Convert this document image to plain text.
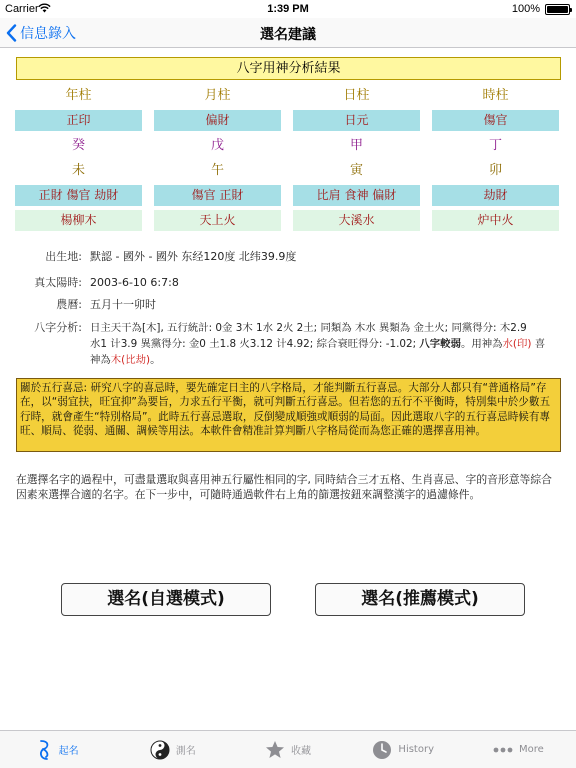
Carrier	1:39 PM	100%
信息錄入	選名建議
八字用神分析結果
年柱	月柱	日柱	時柱
正印	偏財	日元	傷官
癸	戊	甲	丁
未	午	寅	卯
正財 傷官 劫財	傷官 正財	比肩 食神 偏財	劫財
楊柳木	天上火	大溪水	炉中火
出生地: 默認 - 國外 - 國外 东经120度 北纬39.9度
真太陽時: 2003-6-10 6:7:8
農曆: 五月十一卯时
八字分析: 日主天干為[木], 五行統計: 0金 3木 1水 2火 2土; 同類為 木水 異類為 金土火; 同黨得分: 木2.9
水1 计3.9 異黨得分: 金0 土1.8 火3.12 计4.92; 綜合衰旺得分: -1.02; 八字較弱。用神為水(印) 喜
神為木(比劫)。
關於五行喜忌: 研究八字的喜忌時，要先確定日主的八字格局，才能判斷五行喜忌。大部分人都只有“普通格局”存在，以“弱宜扶，旺宜抑”為要旨，力求五行平衡，就可判斷五行喜忌。但若您的五行不平衡時，特別集中於少數五行時，就會產生“特別格局”。此時五行喜忌選取，反倒變成順強或順弱的局面。因此選取八字的五行喜忌時候有專旺、順局、從弱、通關、調候等用法。本軟件會精准計算判斷八字格局從而為您正確的選擇喜用神。
在選擇名字的過程中，可盡量選取與喜用神五行屬性相同的字, 同時結合三才五格、生肖喜忌、字的音形意等綜合因素來選擇合適的名字。在下一步中，可隨時通過軟件右上角的篩選按鈕來調整漢字的過濾條件。
選名(自選模式)	選名(推薦模式)
起名	測名	收藏	History	More
